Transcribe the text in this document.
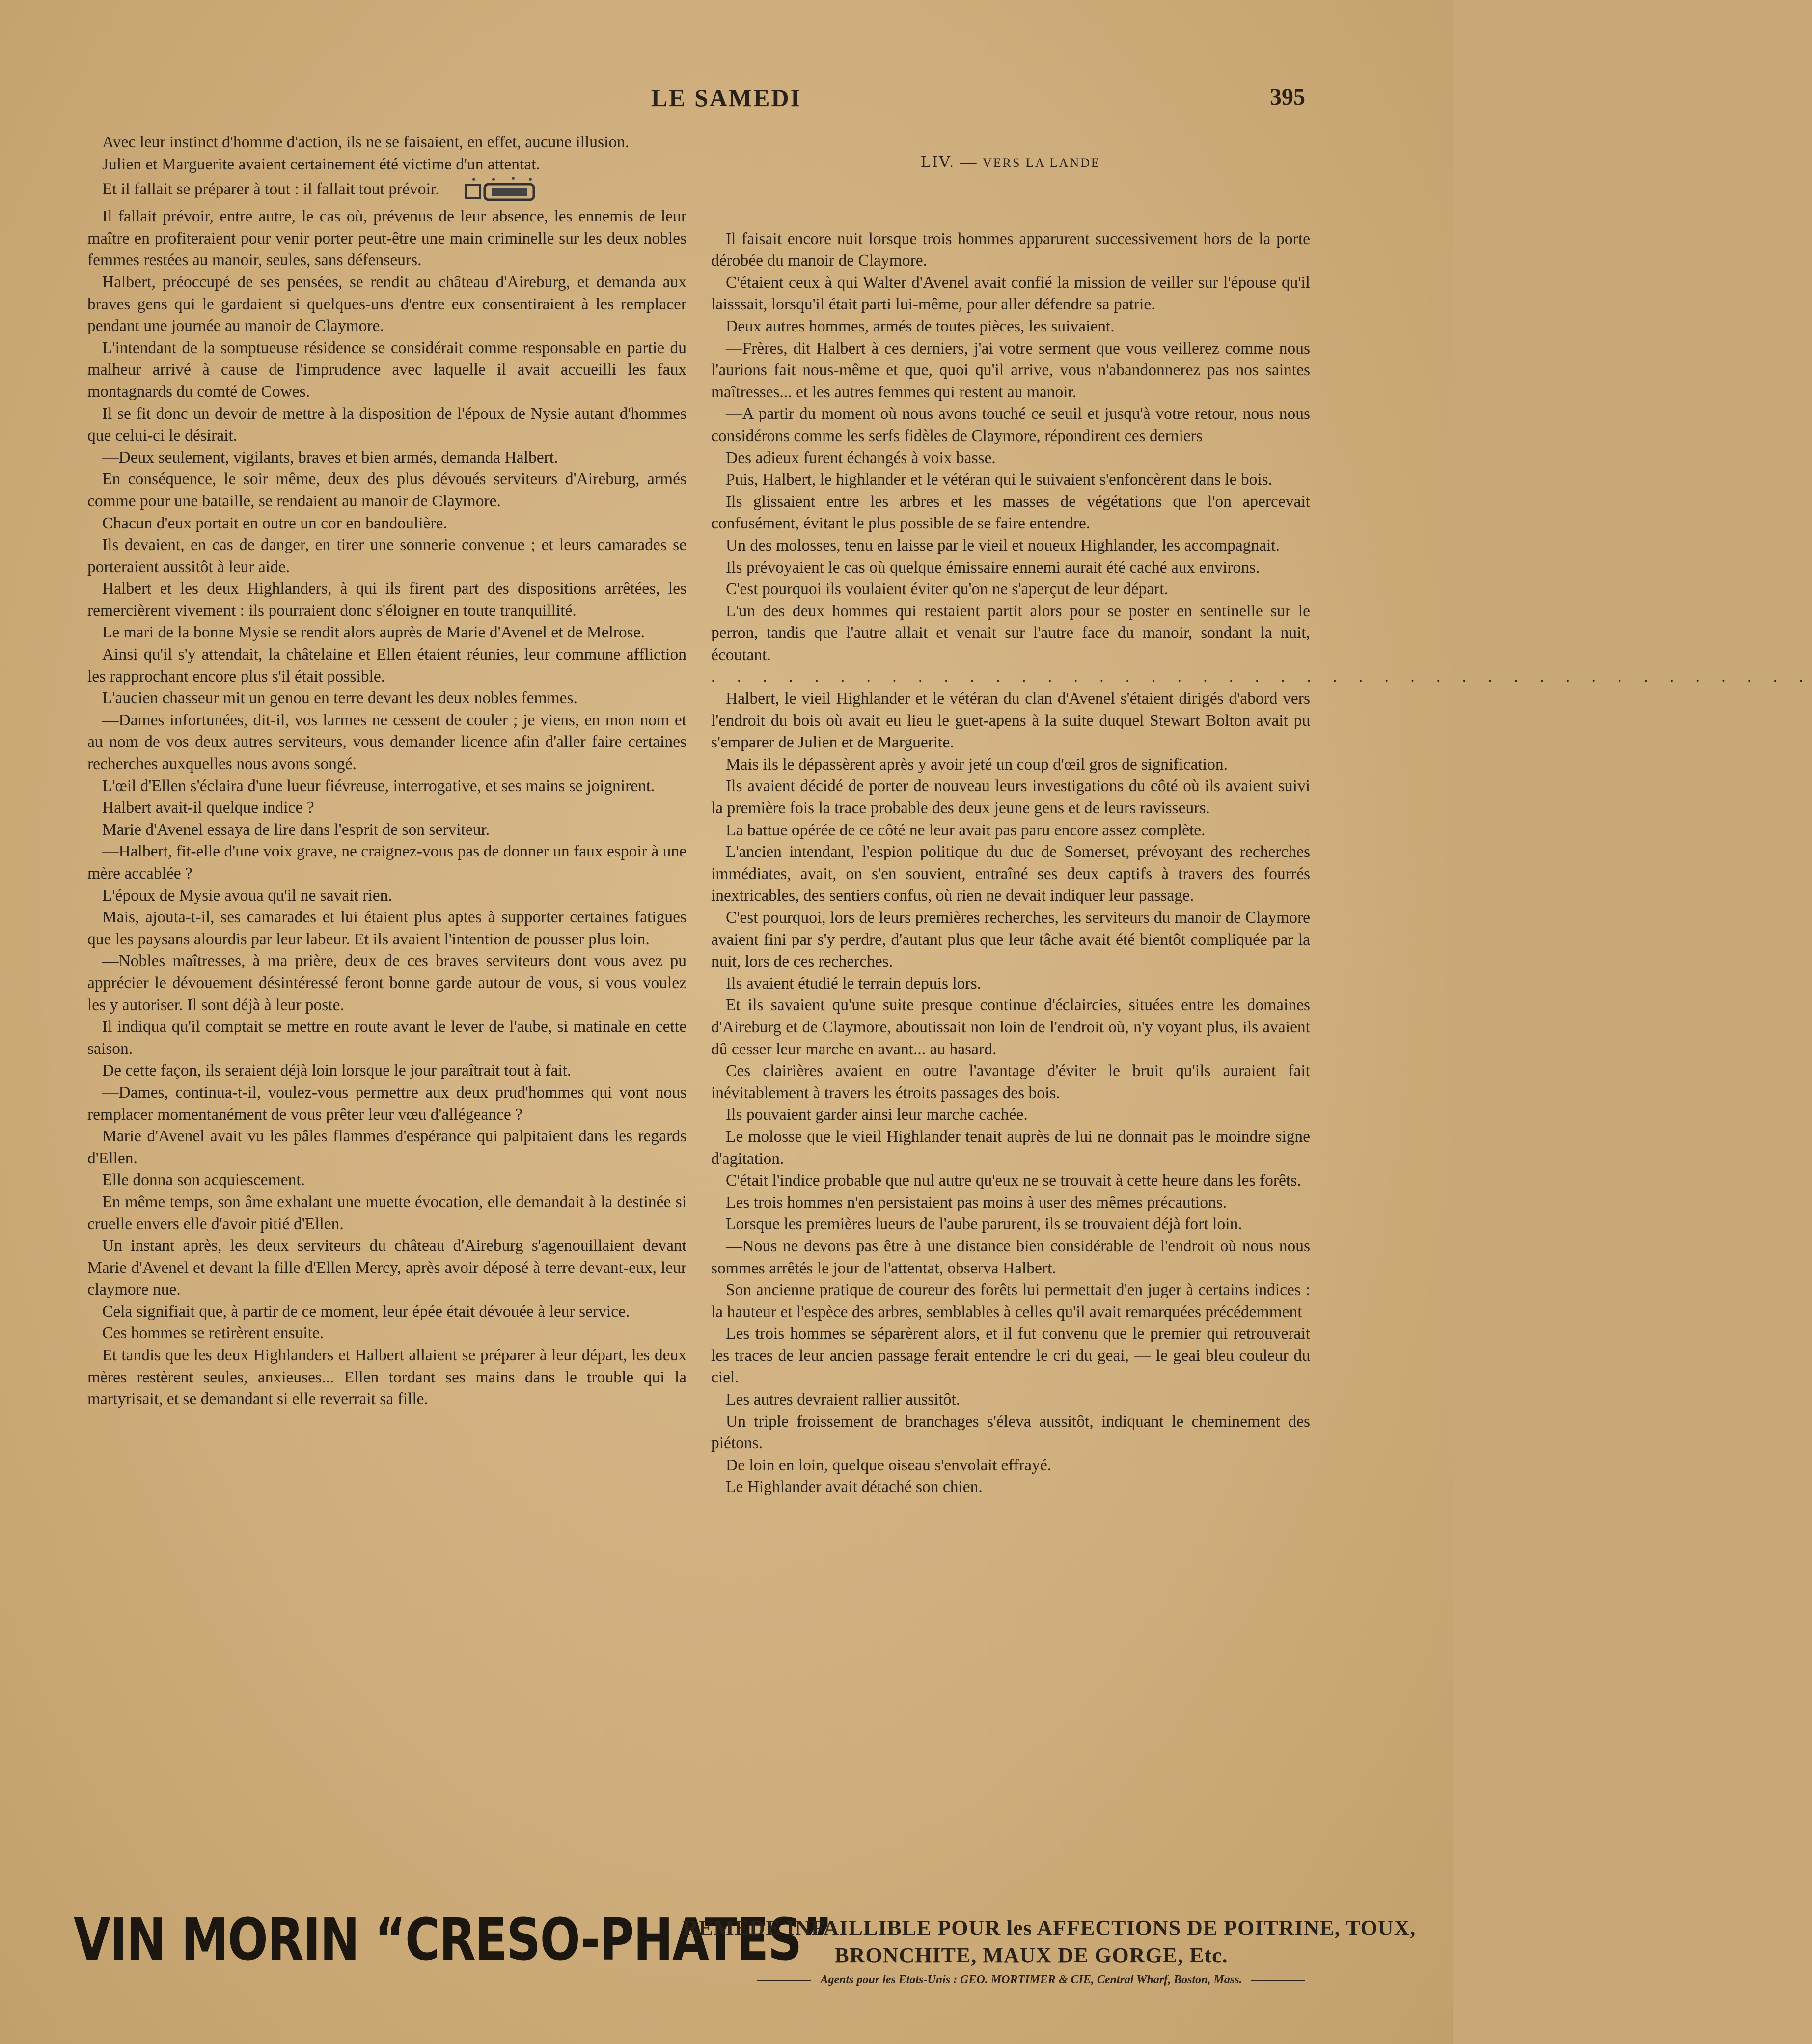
LE SAMEDI	395

Avec leur instinct d'homme d'action, ils ne se faisaient, en effet, aucune illusion.

Julien et Marguerite avaient certainement été victime d'un attentat.

Et il fallait se préparer à tout : il fallait tout prévoir.

Il fallait prévoir, entre autre, le cas où, prévenus de leur absence, les ennemis de leur maître en profiteraient pour venir porter peut-être une main criminelle sur les deux nobles femmes restées au manoir, seules, sans défenseurs.

Halbert, préoccupé de ses pensées, se rendit au château d'Aireburg, et demanda aux braves gens qui le gardaient si quelques-uns d'entre eux consentiraient à les remplacer pendant une journée au manoir de Claymore.

L'intendant de la somptueuse résidence se considérait comme responsable en partie du malheur arrivé à cause de l'imprudence avec laquelle il avait accueilli les faux montagnards du comté de Cowes.

Il se fit donc un devoir de mettre à la disposition de l'époux de Nysie autant d'hommes que celui-ci le désirait.

—Deux seulement, vigilants, braves et bien armés, demanda Halbert.

En conséquence, le soir même, deux des plus dévoués serviteurs d'Aireburg, armés comme pour une bataille, se rendaient au manoir de Claymore.

Chacun d'eux portait en outre un cor en bandoulière.

Ils devaient, en cas de danger, en tirer une sonnerie convenue ; et leurs camarades se porteraient aussitôt à leur aide.

Halbert et les deux Highlanders, à qui ils firent part des dispositions arrêtées, les remercièrent vivement : ils pourraient donc s'éloigner en toute tranquillité.

Le mari de la bonne Mysie se rendit alors auprès de Marie d'Avenel et de Melrose.

Ainsi qu'il s'y attendait, la châtelaine et Ellen étaient réunies, leur commune affliction les rapprochant encore plus s'il était possible.

L'aucien chasseur mit un genou en terre devant les deux nobles femmes.

—Dames infortunées, dit-il, vos larmes ne cessent de couler ; je viens, en mon nom et au nom de vos deux autres serviteurs, vous demander licence afin d'aller faire certaines recherches auxquelles nous avons songé.

L'œil d'Ellen s'éclaira d'une lueur fiévreuse, interrogative, et ses mains se joignirent.

Halbert avait-il quelque indice ?

Marie d'Avenel essaya de lire dans l'esprit de son serviteur.

—Halbert, fit-elle d'une voix grave, ne craignez-vous pas de donner un faux espoir à une mère accablée ?

L'époux de Mysie avoua qu'il ne savait rien.

Mais, ajouta-t-il, ses camarades et lui étaient plus aptes à supporter certaines fatigues que les paysans alourdis par leur labeur. Et ils avaient l'intention de pousser plus loin.

—Nobles maîtresses, à ma prière, deux de ces braves serviteurs dont vous avez pu apprécier le dévouement désintéressé feront bonne garde autour de vous, si vous voulez les y autoriser. Il sont déjà à leur poste.

Il indiqua qu'il comptait se mettre en route avant le lever de l'aube, si matinale en cette saison.

De cette façon, ils seraient déjà loin lorsque le jour paraîtrait tout à fait.

—Dames, continua-t-il, voulez-vous permettre aux deux prud'hommes qui vont nous remplacer momentanément de vous prêter leur vœu d'allégeance ?

Marie d'Avenel avait vu les pâles flammes d'espérance qui palpitaient dans les regards d'Ellen.

Elle donna son acquiescement.

En même temps, son âme exhalant une muette évocation, elle demandait à la destinée si cruelle envers elle d'avoir pitié d'Ellen.

Un instant après, les deux serviteurs du château d'Aireburg s'agenouillaient devant Marie d'Avenel et devant la fille d'Ellen Mercy, après avoir déposé à terre devant-eux, leur claymore nue.

Cela signifiait que, à partir de ce moment, leur épée était dévouée à leur service.

Ces hommes se retirèrent ensuite.

Et tandis que les deux Highlanders et Halbert allaient se préparer à leur départ, les deux mères restèrent seules, anxieuses... Ellen tordant ses mains dans le trouble qui la martyrisait, et se demandant si elle reverrait sa fille.

LIV. — VERS LA LANDE

Il faisait encore nuit lorsque trois hommes apparurent successivement hors de la porte dérobée du manoir de Claymore.

C'étaient ceux à qui Walter d'Avenel avait confié la mission de veiller sur l'épouse qu'il laisssait, lorsqu'il était parti lui-même, pour aller défendre sa patrie.

Deux autres hommes, armés de toutes pièces, les suivaient.

—Frères, dit Halbert à ces derniers, j'ai votre serment que vous veillerez comme nous l'aurions fait nous-même et que, quoi qu'il arrive, vous n'abandonnerez pas nos saintes maîtresses... et les autres femmes qui restent au manoir.

—A partir du moment où nous avons touché ce seuil et jusqu'à votre retour, nous nous considérons comme les serfs fidèles de Claymore, répondirent ces derniers

Des adieux furent échangés à voix basse.

Puis, Halbert, le highlander et le vétéran qui le suivaient s'enfoncèrent dans le bois.

Ils glissaient entre les arbres et les masses de végétations que l'on apercevait confusément, évitant le plus possible de se faire entendre.

Un des molosses, tenu en laisse par le vieil et noueux Highlander, les accompagnait.

Ils prévoyaient le cas où quelque émissaire ennemi aurait été caché aux environs.

C'est pourquoi ils voulaient éviter qu'on ne s'aperçut de leur départ.

L'un des deux hommes qui restaient partit alors pour se poster en sentinelle sur le perron, tandis que l'autre allait et venait sur l'autre face du manoir, sondant la nuit, écoutant.

. . . . . . . . . . . . . . . . . . . . . . . . . . . . . . . . . . . . . . . . . . .

Halbert, le vieil Highlander et le vétéran du clan d'Avenel s'étaient dirigés d'abord vers l'endroit du bois où avait eu lieu le guet-apens à la suite duquel Stewart Bolton avait pu s'emparer de Julien et de Marguerite.

Mais ils le dépassèrent après y avoir jeté un coup d'œil gros de signification.

Ils avaient décidé de porter de nouveau leurs investigations du côté où ils avaient suivi la première fois la trace probable des deux jeune gens et de leurs ravisseurs.

La battue opérée de ce côté ne leur avait pas paru encore assez complète.

L'ancien intendant, l'espion politique du duc de Somerset, prévoyant des recherches immédiates, avait, on s'en souvient, entraîné ses deux captifs à travers des fourrés inextricables, des sentiers confus, où rien ne devait indiquer leur passage.

C'est pourquoi, lors de leurs premières recherches, les serviteurs du manoir de Claymore avaient fini par s'y perdre, d'autant plus que leur tâche avait été bientôt compliquée par la nuit, lors de ces recherches.

Ils avaient étudié le terrain depuis lors.

Et ils savaient qu'une suite presque continue d'éclaircies, situées entre les domaines d'Aireburg et de Claymore, aboutissait non loin de l'endroit où, n'y voyant plus, ils avaient dû cesser leur marche en avant... au hasard.

Ces clairières avaient en outre l'avantage d'éviter le bruit qu'ils auraient fait inévitablement à travers les étroits passages des bois.

Ils pouvaient garder ainsi leur marche cachée.

Le molosse que le vieil Highlander tenait auprès de lui ne donnait pas le moindre signe d'agitation.

C'était l'indice probable que nul autre qu'eux ne se trouvait à cette heure dans les forêts.

Les trois hommes n'en persistaient pas moins à user des mêmes précautions.

Lorsque les premières lueurs de l'aube parurent, ils se trouvaient déjà fort loin.

—Nous ne devons pas être à une distance bien considérable de l'endroit où nous nous sommes arrêtés le jour de l'attentat, observa Halbert.

Son ancienne pratique de coureur des forêts lui permettait d'en juger à certains indices : la hauteur et l'espèce des arbres, semblables à celles qu'il avait remarquées précédemment

Les trois hommes se séparèrent alors, et il fut convenu que le premier qui retrouverait les traces de leur ancien passage ferait entendre le cri du geai, — le geai bleu couleur du ciel.

Les autres devraient rallier aussitôt.

Un triple froissement de branchages s'éleva aussitôt, indiquant le cheminement des piétons.

De loin en loin, quelque oiseau s'envolait effrayé.

Le Highlander avait détaché son chien.

VIN MORIN “CRESO-PHATES”
REMEDE INFAILLIBLE POUR les AFFECTIONS DE POITRINE, TOUX,
BRONCHITE, MAUX DE GORGE, Etc.
Agents pour les Etats-Unis : GEO. MORTIMER & CIE, Central Wharf, Boston, Mass.
